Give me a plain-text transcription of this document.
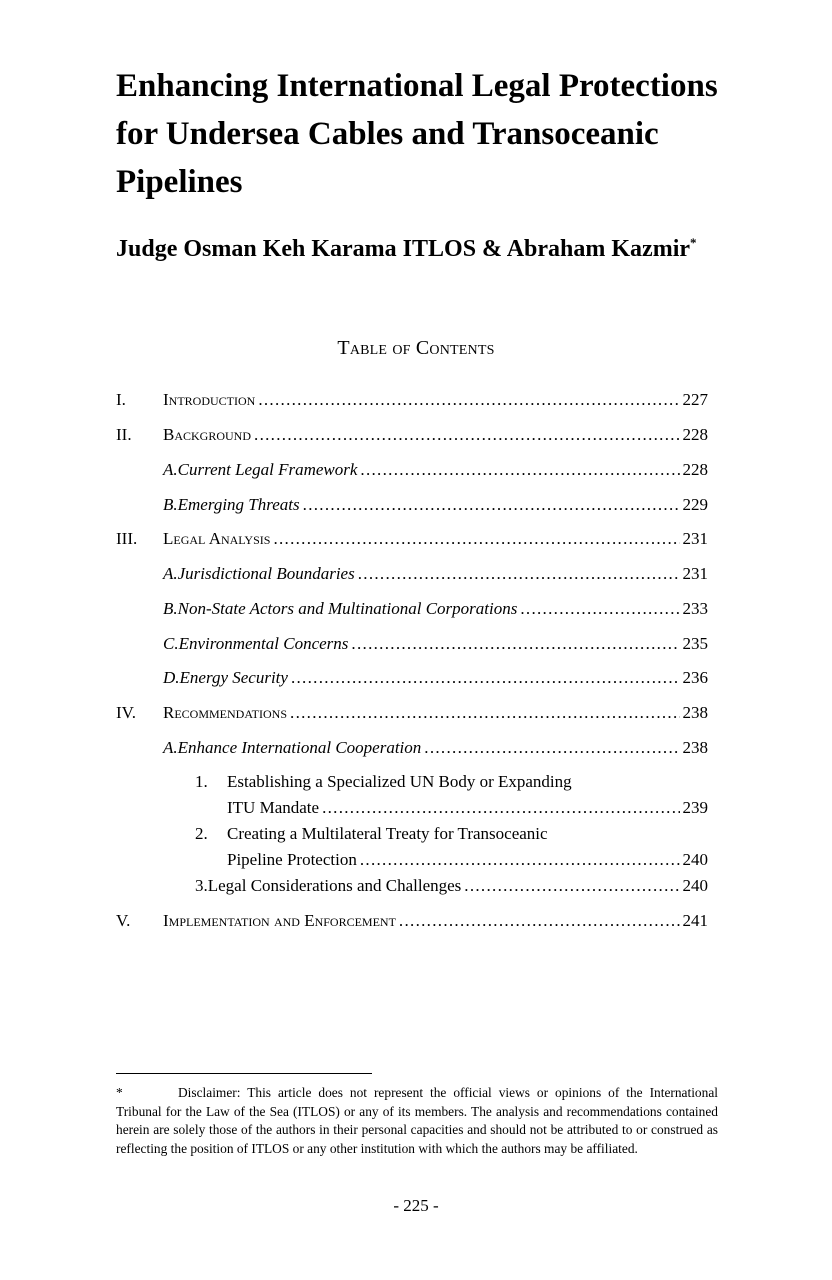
Enhancing International Legal Protections for Undersea Cables and Transoceanic Pipelines

Judge Osman Keh Karama ITLOS & Abraham Kazmir*

Table of Contents
I.	Introduction .....	227
II.	Background .....	228
A. Current Legal Framework .....	228
B. Emerging Threats .....	229
III.	Legal Analysis .....	231
A. Jurisdictional Boundaries .....	231
B. Non-State Actors and Multinational Corporations .....	233
C. Environmental Concerns .....	235
D. Energy Security .....	236
IV.	Recommendations .....	238
A. Enhance International Cooperation .....	238
1. Establishing a Specialized UN Body or Expanding
ITU Mandate .....	239
2. Creating a Multilateral Treaty for Transoceanic
Pipeline Protection .....	240
3. Legal Considerations and Challenges .....	240
V.	Implementation and Enforcement .....	241

*	Disclaimer: This article does not represent the official views or opinions of the International Tribunal for the Law of the Sea (ITLOS) or any of its members. The analysis and recommendations contained herein are solely those of the authors in their personal capacities and should not be attributed to or construed as reflecting the position of ITLOS or any other institution with which the authors may be affiliated.

- 225 -
